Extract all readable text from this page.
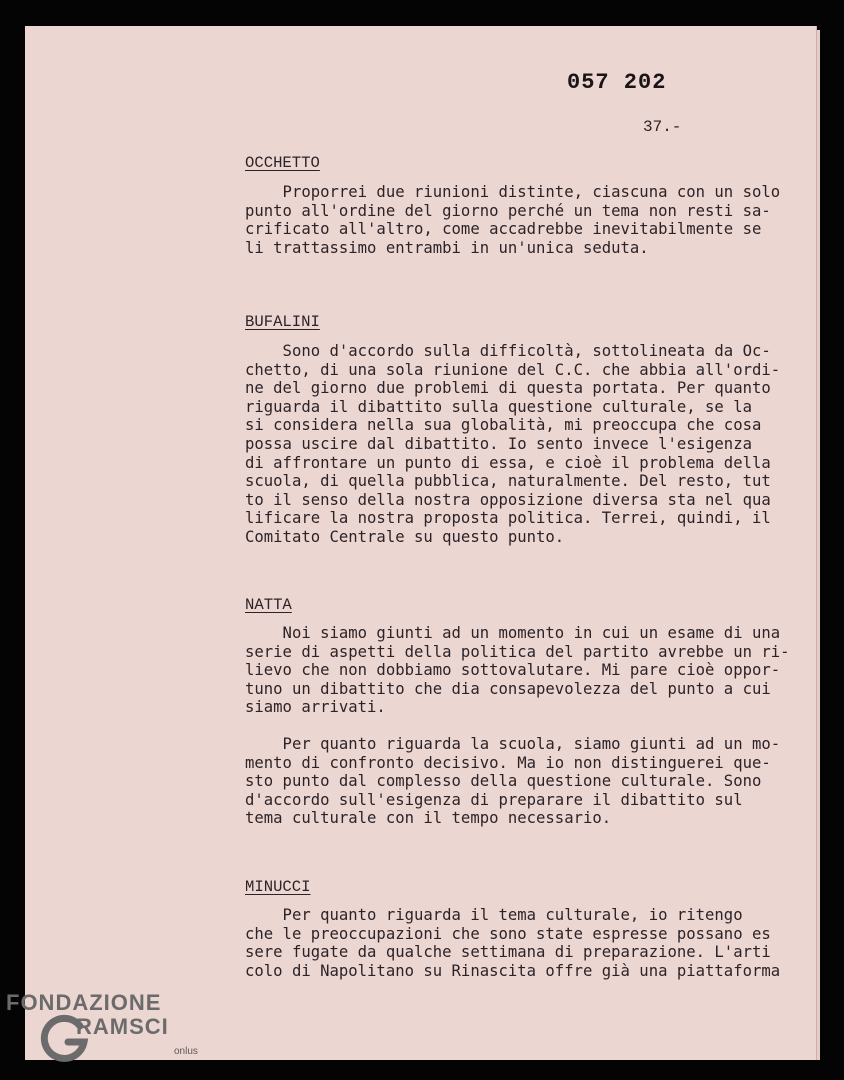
057 202
37.-
OCCHETTO
Proporrei due riunioni distinte, ciascuna con un solo
punto all'ordine del giorno perché un tema non resti sa-
crificato all'altro, come accadrebbe inevitabilmente se
li trattassimo entrambi in un'unica seduta.
BUFALINI
Sono d'accordo sulla difficoltà, sottolineata da Oc-
chetto, di una sola riunione del C.C. che abbia all'ordi-
ne del giorno due problemi di questa portata. Per quanto
riguarda il dibattito sulla questione culturale, se la
si considera nella sua globalità, mi preoccupa che cosa
possa uscire dal dibattito. Io sento invece l'esigenza
di affrontare un punto di essa, e cioè il problema della
scuola, di quella pubblica, naturalmente. Del resto, tut
to il senso della nostra opposizione diversa sta nel qua
lificare la nostra proposta politica. Terrei, quindi, il
Comitato Centrale su questo punto.
NATTA
Noi siamo giunti ad un momento in cui un esame di una
serie di aspetti della politica del partito avrebbe un ri-
lievo che non dobbiamo sottovalutare. Mi pare cioè oppor-
tuno un dibattito che dia consapevolezza del punto a cui
siamo arrivati.
Per quanto riguarda la scuola, siamo giunti ad un mo-
mento di confronto decisivo. Ma io non distinguerei que-
sto punto dal complesso della questione culturale. Sono
d'accordo sull'esigenza di preparare il dibattito sul
tema culturale con il tempo necessario.
MINUCCI
Per quanto riguarda il tema culturale, io ritengo
che le preoccupazioni che sono state espresse possano es
sere fugate da qualche settimana di preparazione. L'arti
colo di Napolitano su Rinascita offre già una piattaforma
FONDAZIONE
RAMSCI
onlus
